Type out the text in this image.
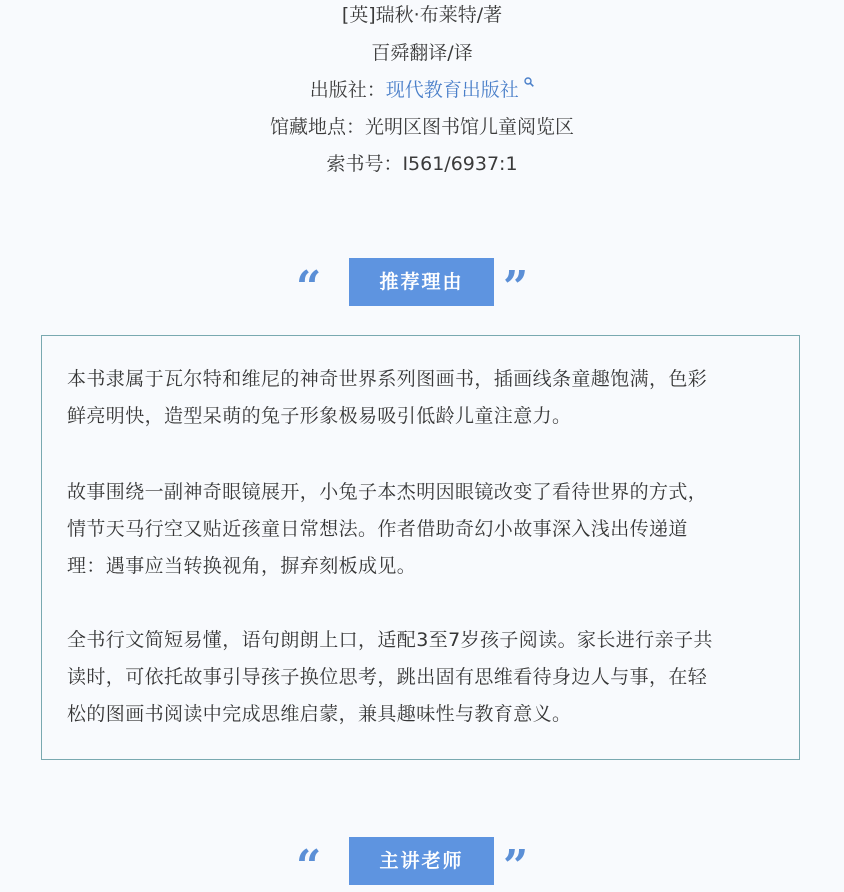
[英]瑞秋·布莱特/著
百舜翻译/译
出版社：现代教育出版社
馆藏地点：光明区图书馆儿童阅览区
索书号：I561/6937:1
“	推荐理由 ”
本书隶属于瓦尔特和维尼的神奇世界系列图画书，插画线条童趣饱满，色彩
鲜亮明快，造型呆萌的兔子形象极易吸引低龄儿童注意力。
故事围绕一副神奇眼镜展开，小兔子本杰明因眼镜改变了看待世界的方式，
情节天马行空又贴近孩童日常想法。作者借助奇幻小故事深入浅出传递道
理：遇事应当转换视角，摒弃刻板成见。
全书行文简短易懂，语句朗朗上口，适配3至7岁孩子阅读。家长进行亲子共
读时，可依托故事引导孩子换位思考，跳出固有思维看待身边人与事，在轻
松的图画书阅读中完成思维启蒙，兼具趣味性与教育意义。
“	主讲老师 ”
